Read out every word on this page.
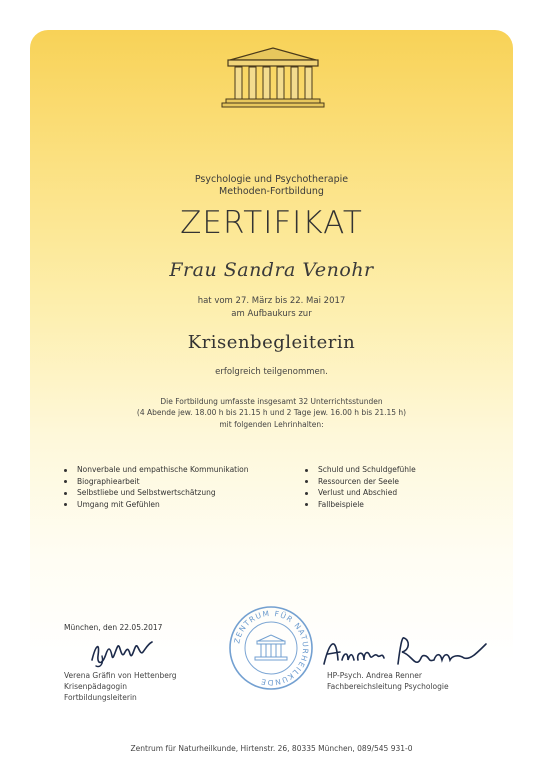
Psychologie und Psychotherapie
Methoden-Fortbildung
ZERTIFIKAT
Frau Sandra Venohr
hat vom 27. März bis 22. Mai 2017
am Aufbaukurs zur
Krisenbegleiterin
erfolgreich teilgenommen.
Die Fortbildung umfasste insgesamt 32 Unterrichtsstunden
(4 Abende jew. 18.00 h bis 21.15 h und 2 Tage jew. 16.00 h bis 21.15 h)
mit folgenden Lehrinhalten:
Nonverbale und empathische Kommunikation
Biographiearbeit
Selbstliebe und Selbstwertschätzung
Umgang mit Gefühlen
Schuld und Schuldgefühle
Ressourcen der Seele
Verlust und Abschied
Fallbeispiele
München, den 22.05.2017
ZENTRUM FÜR NATURHEILKUNDE
Verena Gräfin von Hettenberg
Krisenpädagogin
Fortbildungsleiterin
HP-Psych. Andrea Renner
Fachbereichsleitung Psychologie
Zentrum für Naturheilkunde, Hirtenstr. 26, 80335 München, 089/545 931-0
